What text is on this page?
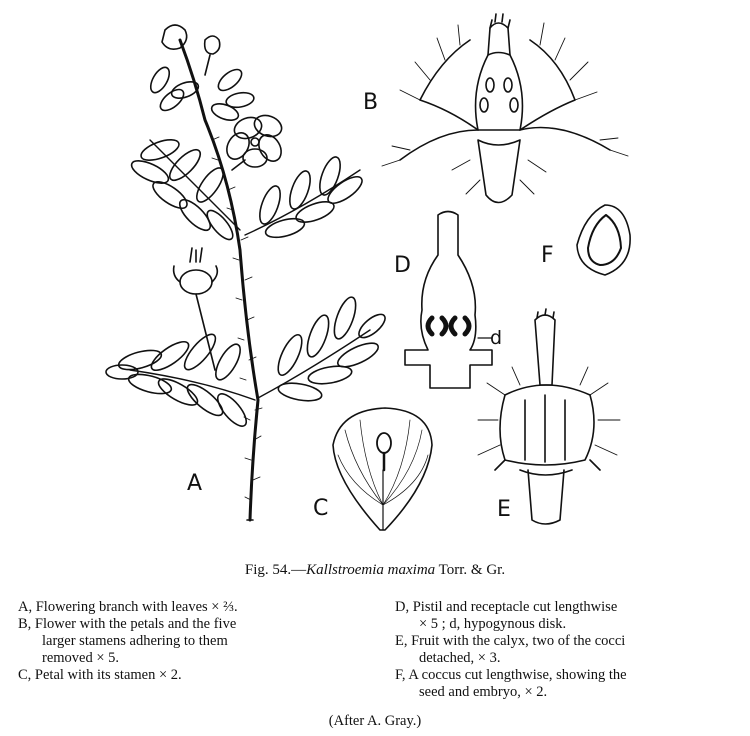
B
D	F
d
A
C	E
Fig. 54.—Kallstroemia maxima Torr. & Gr.

A, Flowering branch with leaves × ⅔.

B, Flower with the petals and the five
larger stamens adhering to them
removed × 5.

C, Petal with its stamen × 2.

D, Pistil and receptacle cut lengthwise
× 5 ; d, hypogynous disk.

E, Fruit with the calyx, two of the cocci
detached, × 3.

F, A coccus cut lengthwise, showing the
seed and embryo, × 2.

(After A. Gray.)
